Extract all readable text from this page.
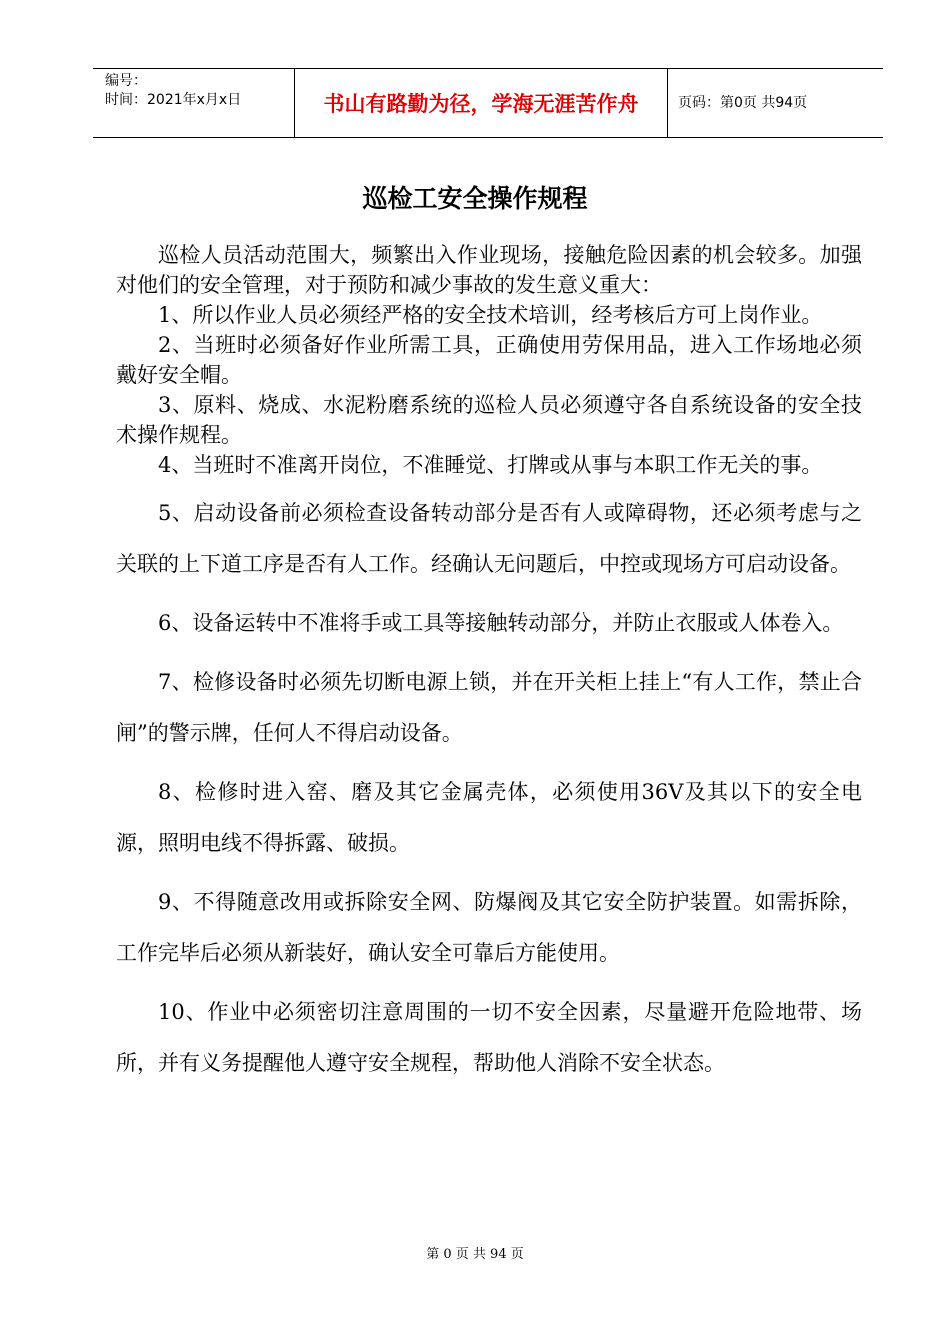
编号：
时间：2021年x月x日	书山有路勤为径，学海无涯苦作舟	页码：第0页 共94页
巡检工安全操作规程

巡检人员活动范围大，频繁出入作业现场，接触危险因素的机会较多。加强对他们的安全管理，对于预防和减少事故的发生意义重大：

1、所以作业人员必须经严格的安全技术培训，经考核后方可上岗作业。

2、当班时必须备好作业所需工具，正确使用劳保用品，进入工作场地必须戴好安全帽。

3、原料、烧成、水泥粉磨系统的巡检人员必须遵守各自系统设备的安全技术操作规程。

4、当班时不准离开岗位，不准睡觉、打牌或从事与本职工作无关的事。

5、启动设备前必须检查设备转动部分是否有人或障碍物，还必须考虑与之关联的上下道工序是否有人工作。经确认无问题后，中控或现场方可启动设备。

6、设备运转中不准将手或工具等接触转动部分，并防止衣服或人体卷入。

7、检修设备时必须先切断电源上锁，并在开关柜上挂上“有人工作，禁止合闸”的警示牌，任何人不得启动设备。

8、检修时进入窑、磨及其它金属壳体，必须使用36V及其以下的安全电源，照明电线不得拆露、破损。

9、不得随意改用或拆除安全网、防爆阀及其它安全防护装置。如需拆除，工作完毕后必须从新装好，确认安全可靠后方能使用。

10、作业中必须密切注意周围的一切不安全因素，尽量避开危险地带、场所，并有义务提醒他人遵守安全规程，帮助他人消除不安全状态。

第 0 页 共 94 页
